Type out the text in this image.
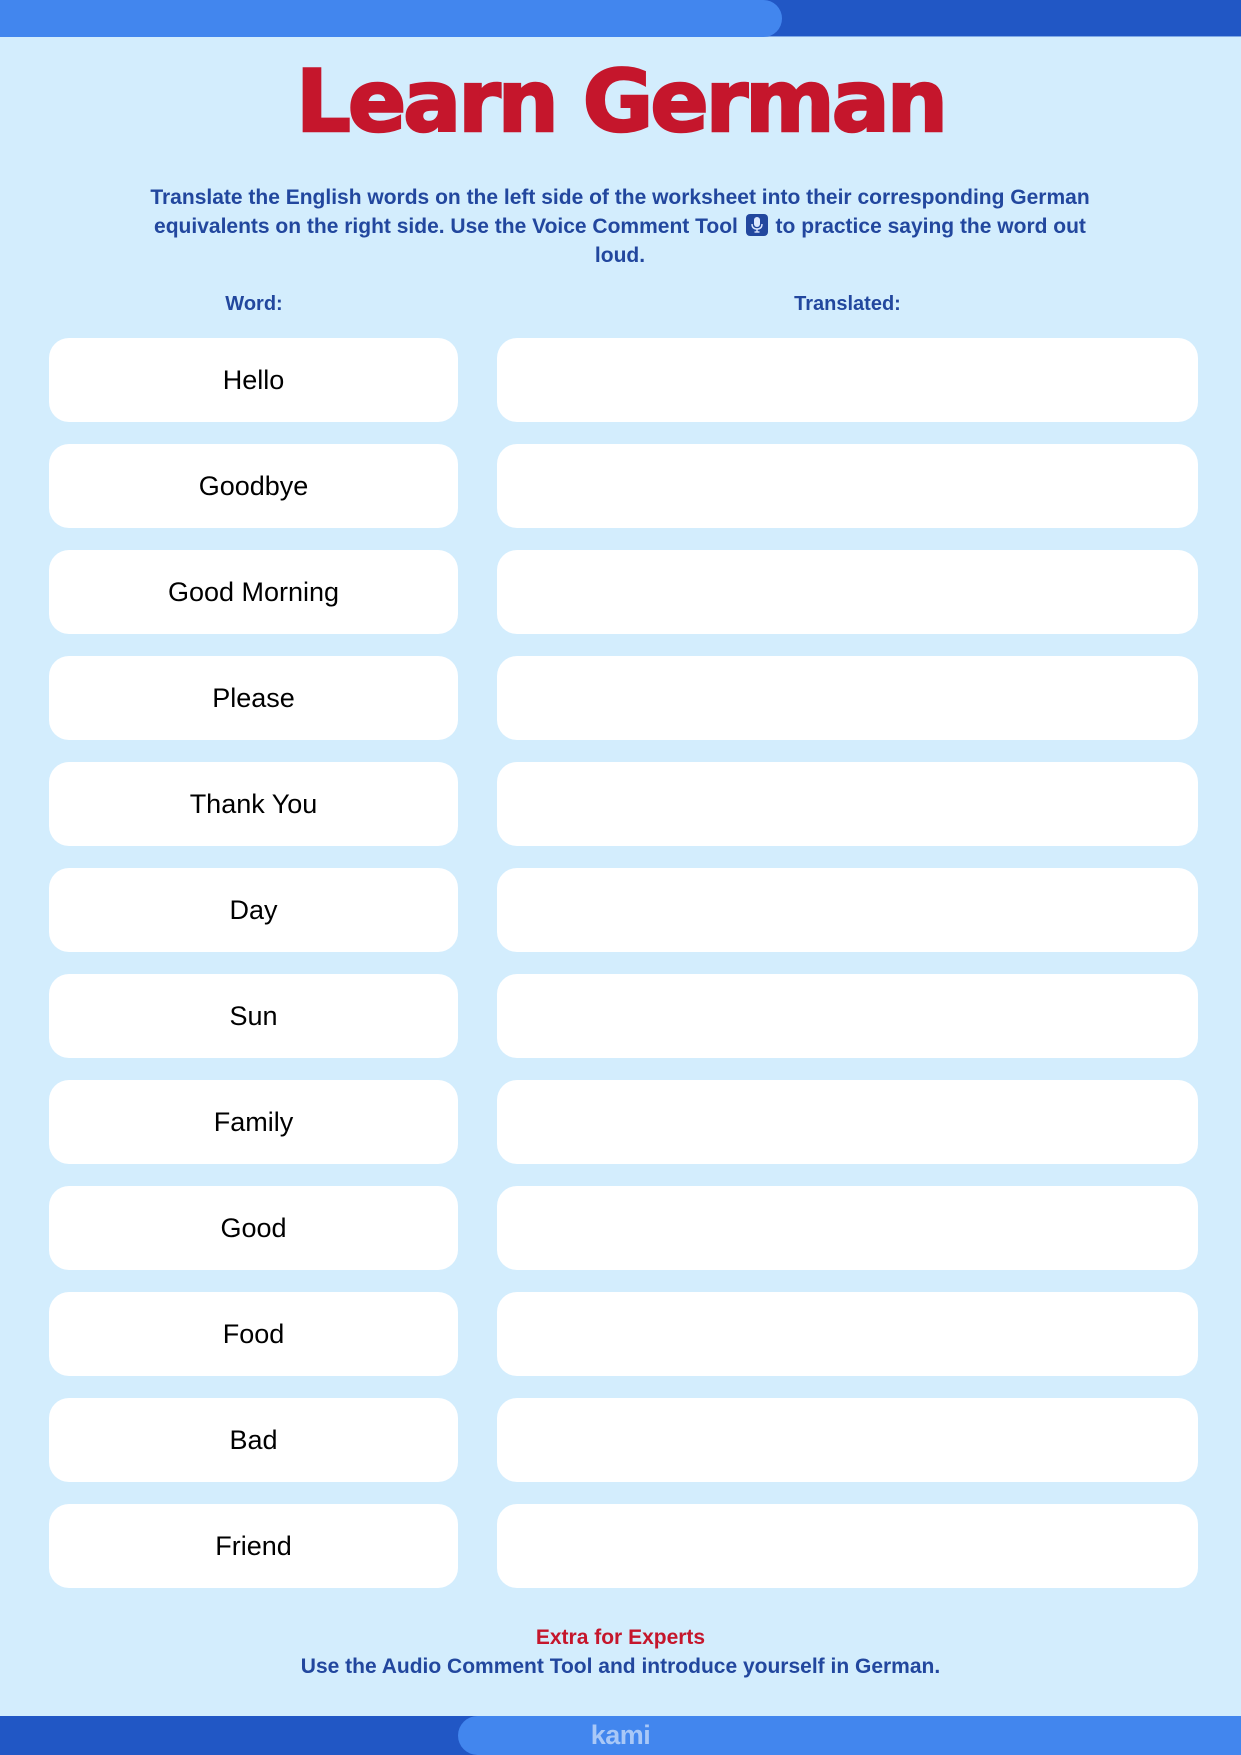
Learn German

Translate the English words on the left side of the worksheet into their corresponding German equivalents on the right side. Use the Voice Comment Tool to practice saying the word out loud.

Word:	Translated:
Hello
Goodbye
Good Morning
Please
Thank You
Day
Sun
Family
Good
Food
Bad
Friend
Extra for Experts
Use the Audio Comment Tool and introduce yourself in German.
kami
